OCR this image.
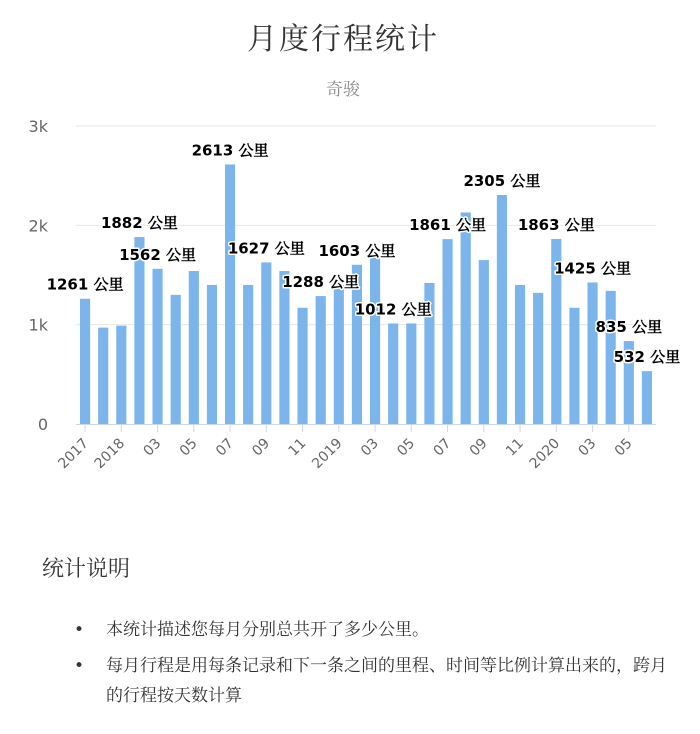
月度行程统计
奇骏
0
1k
2k
3k
2017 2018 03 05 07 09 11 2019 03 05 07 09 11 2020 03 05
1261 公里
1882 公里
1562 公里
2613 公里
1627 公里
1288 公里
1603 公里
1012 公里
1861 公里
2305 公里
1863 公里
1425 公里
835 公里
532 公里
统计说明
• 本统计描述您每月分别总共开了多少公里。
• 每月行程是用每条记录和下一条之间的里程、时间等比例计算出来的，跨月的行程按天数计算
